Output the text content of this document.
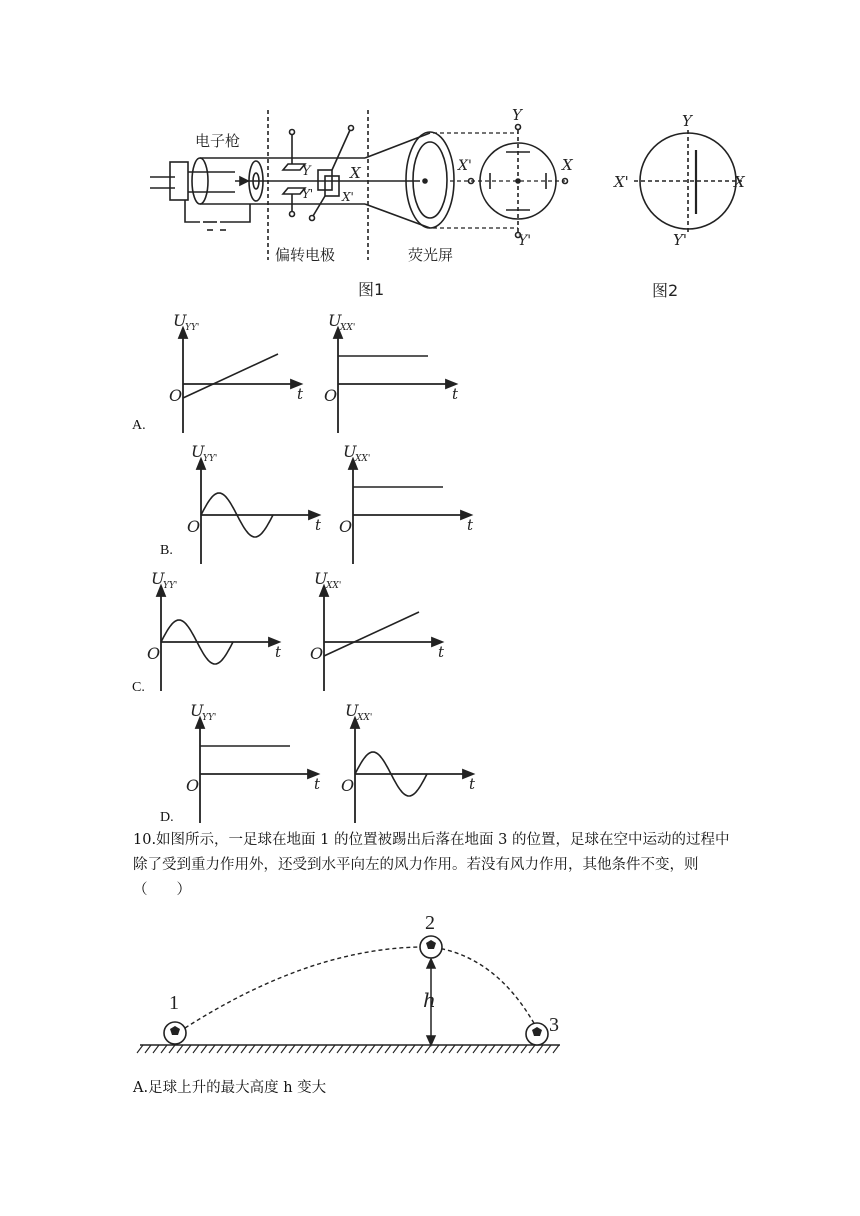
Y
Y'
X
X'
Y
Y'
X
X'
电子枪
偏转电极	荧光屏
图1
Y
Y'
X
X'
图2
O	t
U
YY'
O	t
U
XX'
O	t
U
YY'
O	t
U
XX'
O	t
U
YY'
O	t
U
XX'
O	t
U
YY'
O	t
U
XX'
A.
B.
C.
D.
10.如图所示，一足球在地面 1 的位置被踢出后落在地面 3 的位置，足球在空中运动的过程中除了受到重力作用外，还受到水平向左的风力作用。若没有风力作用，其他条件不变，则（　　）
h
1
2
3
A.足球上升的最大高度 h 变大
